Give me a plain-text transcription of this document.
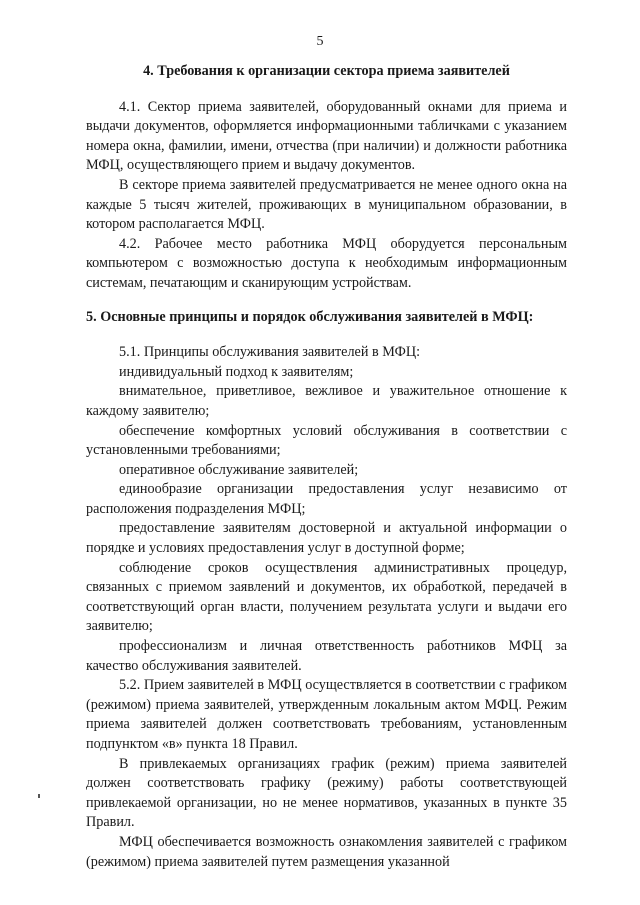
5

4. Требования к организации сектора приема заявителей

4.1. Сектор приема заявителей, оборудованный окнами для приема и выдачи документов, оформляется информационными табличками с указанием номера окна, фамилии, имени, отчества (при наличии) и должности работника МФЦ, осуществляющего прием и выдачу документов.

В секторе приема заявителей предусматривается не менее одного окна на каждые 5 тысяч жителей, проживающих в муниципальном образовании, в котором располагается МФЦ.

4.2. Рабочее место работника МФЦ оборудуется персональным компьютером с возможностью доступа к необходимым информационным системам, печатающим и сканирующим устройствам.

5. Основные принципы и порядок обслуживания заявителей в МФЦ:

5.1. Принципы обслуживания заявителей в МФЦ:

индивидуальный подход к заявителям;

внимательное, приветливое, вежливое и уважительное отношение к каждому заявителю;

обеспечение комфортных условий обслуживания в соответствии с установленными требованиями;

оперативное обслуживание заявителей;

единообразие организации предоставления услуг независимо от расположения подразделения МФЦ;

предоставление заявителям достоверной и актуальной информации о порядке и условиях предоставления услуг в доступной форме;

соблюдение сроков осуществления административных процедур, связанных с приемом заявлений и документов, их обработкой, передачей в соответствующий орган власти, получением результата услуги и выдачи его заявителю;

профессионализм и личная ответственность работников МФЦ за качество обслуживания заявителей.

5.2. Прием заявителей в МФЦ осуществляется в соответствии с графиком (режимом) приема заявителей, утвержденным локальным актом МФЦ. Режим приема заявителей должен соответствовать требованиям, установленным подпунктом «в» пункта 18 Правил.

В привлекаемых организациях график (режим) приема заявителей должен соответствовать графику (режиму) работы соответствующей привлекаемой организации, но не менее нормативов, указанных в пункте 35 Правил.

МФЦ обеспечивается возможность ознакомления заявителей с графиком (режимом) приема заявителей путем размещения указанной
